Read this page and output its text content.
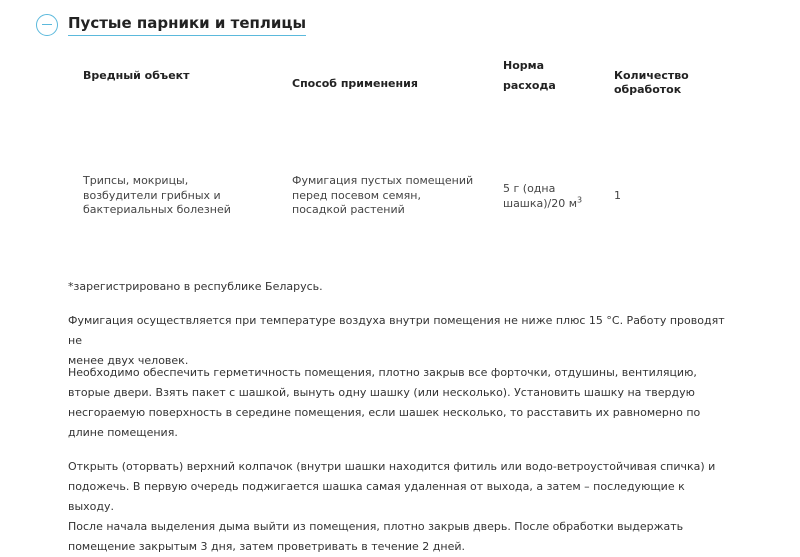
Пустые парники и теплицы
Вредный объект
Способ применения
Норма
расхода
Количество
обработок
Трипсы, мокрицы,
возбудители грибных и
бактериальных болезней
Фумигация пустых помещений
перед посевом семян,
посадкой растений
5 г (одна
шашка)/20 $м^3$	1
*зарегистрировано в республике Беларусь.
Фумигация осуществляется при температуре воздуха внутри помещения не ниже плюс 15 °С. Работу проводят не
менее двух человек.
Необходимо обеспечить герметичность помещения, плотно закрыв все форточки, отдушины, вентиляцию,
вторые двери. Взять пакет с шашкой, вынуть одну шашку (или несколько). Установить шашку на твердую
несгораемую поверхность в середине помещения, если шашек несколько, то расставить их равномерно по
длине помещения.
Открыть (оторвать) верхний колпачок (внутри шашки находится фитиль или водо-ветроустойчивая спичка) и
подожечь. В первую очередь поджигается шашка самая удаленная от выхода, а затем – последующие к выходу.
После начала выделения дыма выйти из помещения, плотно закрыв дверь. После обработки выдержать
помещение закрытым 3 дня, затем проветривать в течение 2 дней.
